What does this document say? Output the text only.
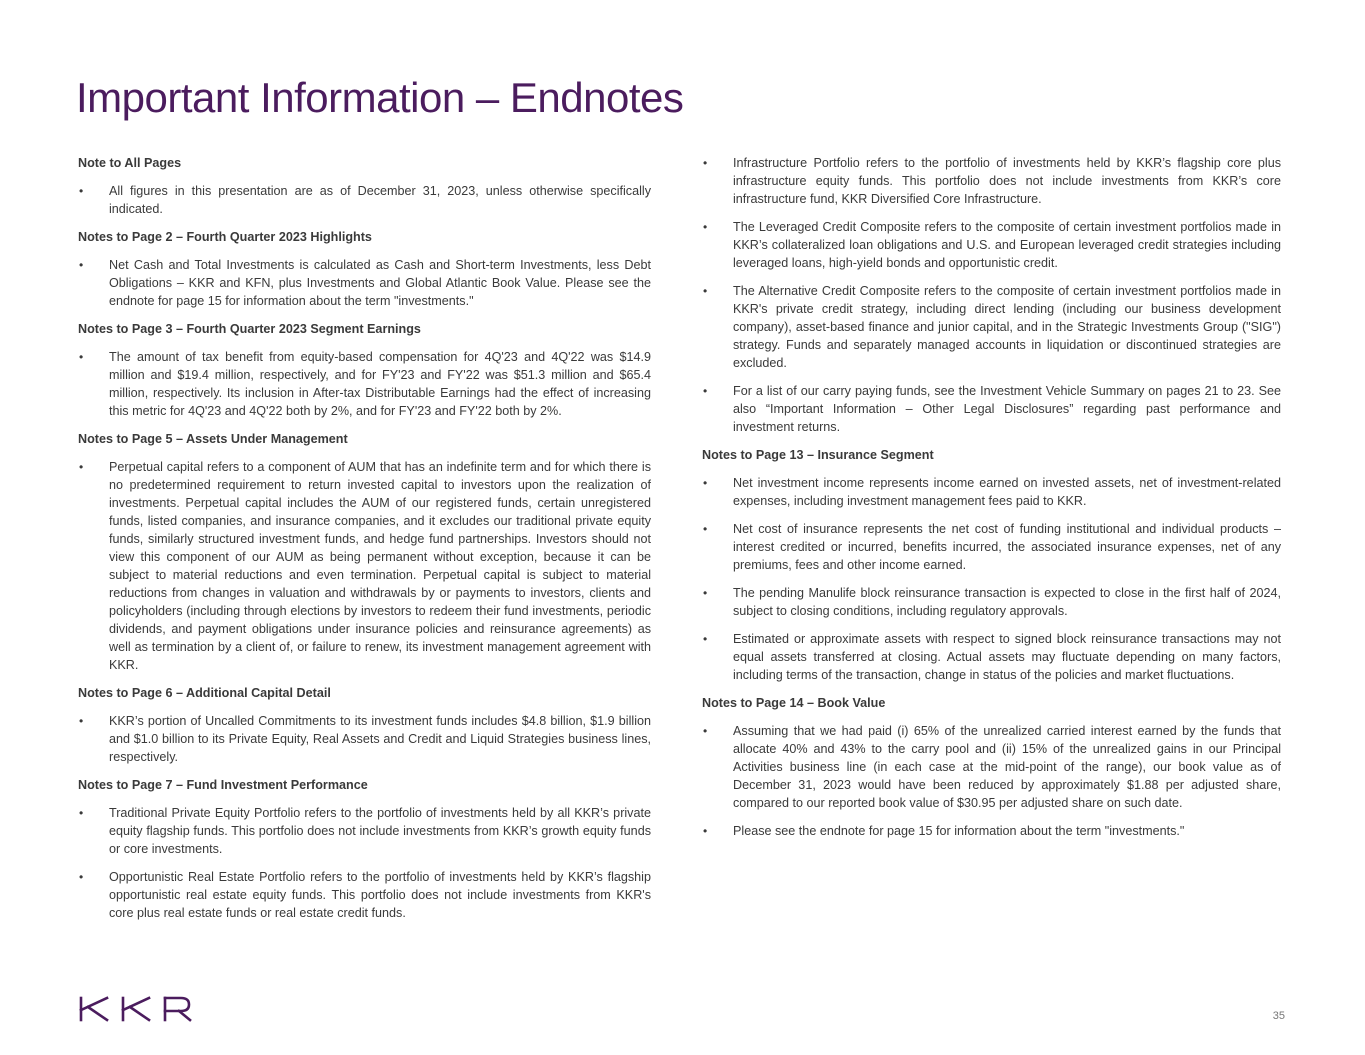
Important Information – Endnotes
Note to All Pages
• All figures in this presentation are as of December 31, 2023, unless otherwise specifically indicated.
Notes to Page 2 – Fourth Quarter 2023 Highlights
• Net Cash and Total Investments is calculated as Cash and Short-term Investments, less Debt Obligations – KKR and KFN, plus Investments and Global Atlantic Book Value. Please see the endnote for page 15 for information about the term "investments."
Notes to Page 3 – Fourth Quarter 2023 Segment Earnings
• The amount of tax benefit from equity-based compensation for 4Q'23 and 4Q'22 was $14.9 million and $19.4 million, respectively, and for FY'23 and FY'22 was $51.3 million and $65.4 million, respectively. Its inclusion in After-tax Distributable Earnings had the effect of increasing this metric for 4Q'23 and 4Q'22 both by 2%, and for FY'23 and FY'22 both by 2%.
Notes to Page 5 – Assets Under Management
• Perpetual capital refers to a component of AUM that has an indefinite term and for which there is no predetermined requirement to return invested capital to investors upon the realization of investments. Perpetual capital includes the AUM of our registered funds, certain unregistered funds, listed companies, and insurance companies, and it excludes our traditional private equity funds, similarly structured investment funds, and hedge fund partnerships. Investors should not view this component of our AUM as being permanent without exception, because it can be subject to material reductions and even termination. Perpetual capital is subject to material reductions from changes in valuation and withdrawals by or payments to investors, clients and policyholders (including through elections by investors to redeem their fund investments, periodic dividends, and payment obligations under insurance policies and reinsurance agreements) as well as termination by a client of, or failure to renew, its investment management agreement with KKR.
Notes to Page 6 – Additional Capital Detail
• KKR’s portion of Uncalled Commitments to its investment funds includes $4.8 billion, $1.9 billion and $1.0 billion to its Private Equity, Real Assets and Credit and Liquid Strategies business lines, respectively.
Notes to Page 7 – Fund Investment Performance
• Traditional Private Equity Portfolio refers to the portfolio of investments held by all KKR’s private equity flagship funds. This portfolio does not include investments from KKR’s growth equity funds or core investments.
• Opportunistic Real Estate Portfolio refers to the portfolio of investments held by KKR’s flagship opportunistic real estate equity funds. This portfolio does not include investments from KKR's core plus real estate funds or real estate credit funds.
• Infrastructure Portfolio refers to the portfolio of investments held by KKR’s flagship core plus infrastructure equity funds. This portfolio does not include investments from KKR’s core infrastructure fund, KKR Diversified Core Infrastructure.
• The Leveraged Credit Composite refers to the composite of certain investment portfolios made in KKR’s collateralized loan obligations and U.S. and European leveraged credit strategies including leveraged loans, high-yield bonds and opportunistic credit.
• The Alternative Credit Composite refers to the composite of certain investment portfolios made in KKR's private credit strategy, including direct lending (including our business development company), asset-based finance and junior capital, and in the Strategic Investments Group ("SIG") strategy. Funds and separately managed accounts in liquidation or discontinued strategies are excluded.
• For a list of our carry paying funds, see the Investment Vehicle Summary on pages 21 to 23. See also “Important Information – Other Legal Disclosures” regarding past performance and investment returns.
Notes to Page 13 – Insurance Segment
• Net investment income represents income earned on invested assets, net of investment-related expenses, including investment management fees paid to KKR.
• Net cost of insurance represents the net cost of funding institutional and individual products – interest credited or incurred, benefits incurred, the associated insurance expenses, net of any premiums, fees and other income earned.
• The pending Manulife block reinsurance transaction is expected to close in the first half of 2024, subject to closing conditions, including regulatory approvals.
• Estimated or approximate assets with respect to signed block reinsurance transactions may not equal assets transferred at closing. Actual assets may fluctuate depending on many factors, including terms of the transaction, change in status of the policies and market fluctuations.
Notes to Page 14 – Book Value
• Assuming that we had paid (i) 65% of the unrealized carried interest earned by the funds that allocate 40% and 43% to the carry pool and (ii) 15% of the unrealized gains in our Principal Activities business line (in each case at the mid-point of the range), our book value as of December 31, 2023 would have been reduced by approximately $1.88 per adjusted share, compared to our reported book value of $30.95 per adjusted share on such date.
• Please see the endnote for page 15 for information about the term "investments."
35
